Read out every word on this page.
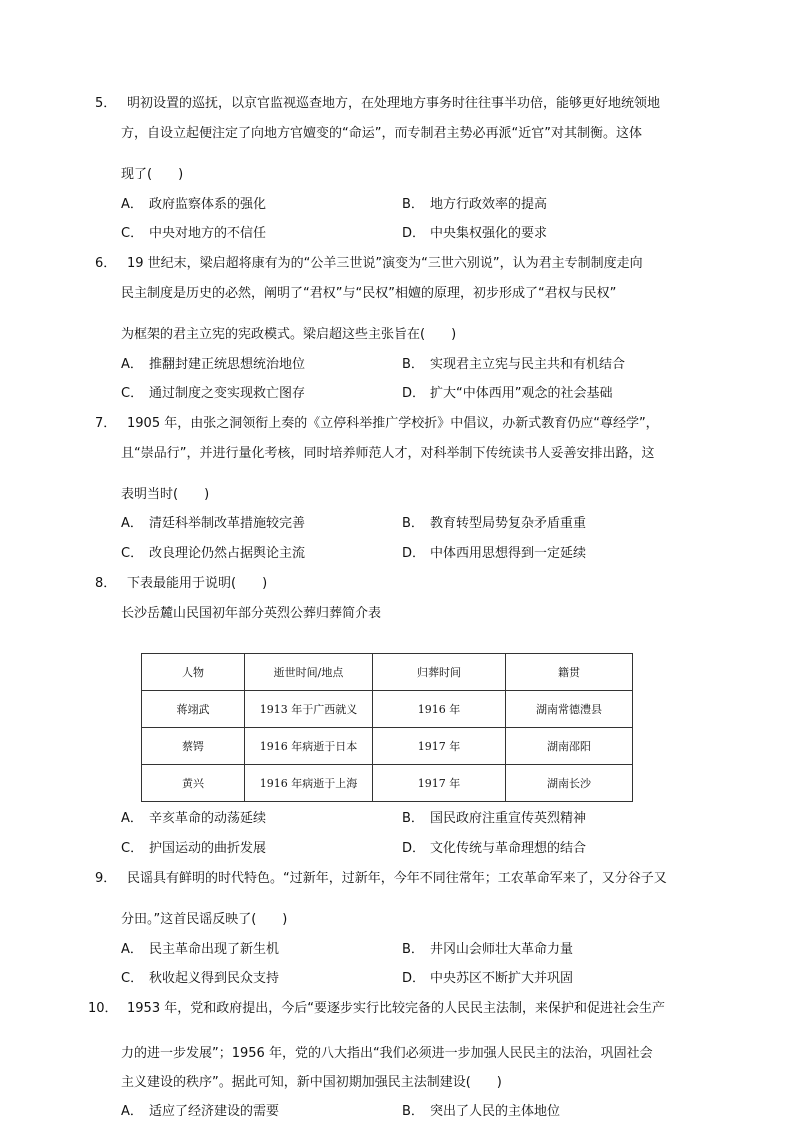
5． 明初设置的巡抚，以京官监视巡查地方，在处理地方事务时往往事半功倍，能够更好地统领地
方，自设立起便注定了向地方官嬗变的“命运”，而专制君主势必再派“近官”对其制衡。这体
现了(　　)
A． 政府监察体系的强化	B． 地方行政效率的提高
C． 中央对地方的不信任	D． 中央集权强化的要求
6． 19 世纪末，梁启超将康有为的“公羊三世说”演变为“三世六别说”，认为君主专制制度走向
民主制度是历史的必然，阐明了“君权”与“民权”相嬗的原理，初步形成了“君权与民权”
为框架的君主立宪的宪政模式。梁启超这些主张旨在(　　)
A． 推翻封建正统思想统治地位	B． 实现君主立宪与民主共和有机结合
C． 通过制度之变实现救亡图存	D． 扩大“中体西用”观念的社会基础
7． 1905 年，由张之洞领衔上奏的《立停科举推广学校折》中倡议，办新式教育仍应“尊经学”，
且“崇品行”，并进行量化考核，同时培养师范人才，对科举制下传统读书人妥善安排出路，这
表明当时(　　)
A． 清廷科举制改革措施较完善	B． 教育转型局势复杂矛盾重重
C． 改良理论仍然占据舆论主流	D． 中体西用思想得到一定延续
8． 下表最能用于说明(　　)
长沙岳麓山民国初年部分英烈公葬归葬简介表
人物	逝世时间/地点	归葬时间	籍贯
蒋翊武	1913 年于广西就义	1916 年	湖南常德澧县
蔡锷	1916 年病逝于日本	1917 年	湖南邵阳
黄兴	1916 年病逝于上海	1917 年	湖南长沙
A． 辛亥革命的动荡延续	B． 国民政府注重宣传英烈精神
C． 护国运动的曲折发展	D． 文化传统与革命理想的结合
9． 民谣具有鲜明的时代特色。“过新年，过新年，今年不同往常年；工农革命军来了，又分谷子又
分田。”这首民谣反映了(　　)
A． 民主革命出现了新生机	B． 井冈山会师壮大革命力量
C． 秋收起义得到民众支持	D． 中央苏区不断扩大并巩固
10． 1953 年，党和政府提出，今后“要逐步实行比较完备的人民民主法制，来保护和促进社会生产
力的进一步发展”；1956 年，党的八大指出“我们必须进一步加强人民民主的法治，巩固社会
主义建设的秩序”。据此可知，新中国初期加强民主法制建设(　　)
A． 适应了经济建设的需要	B． 突出了人民的主体地位
